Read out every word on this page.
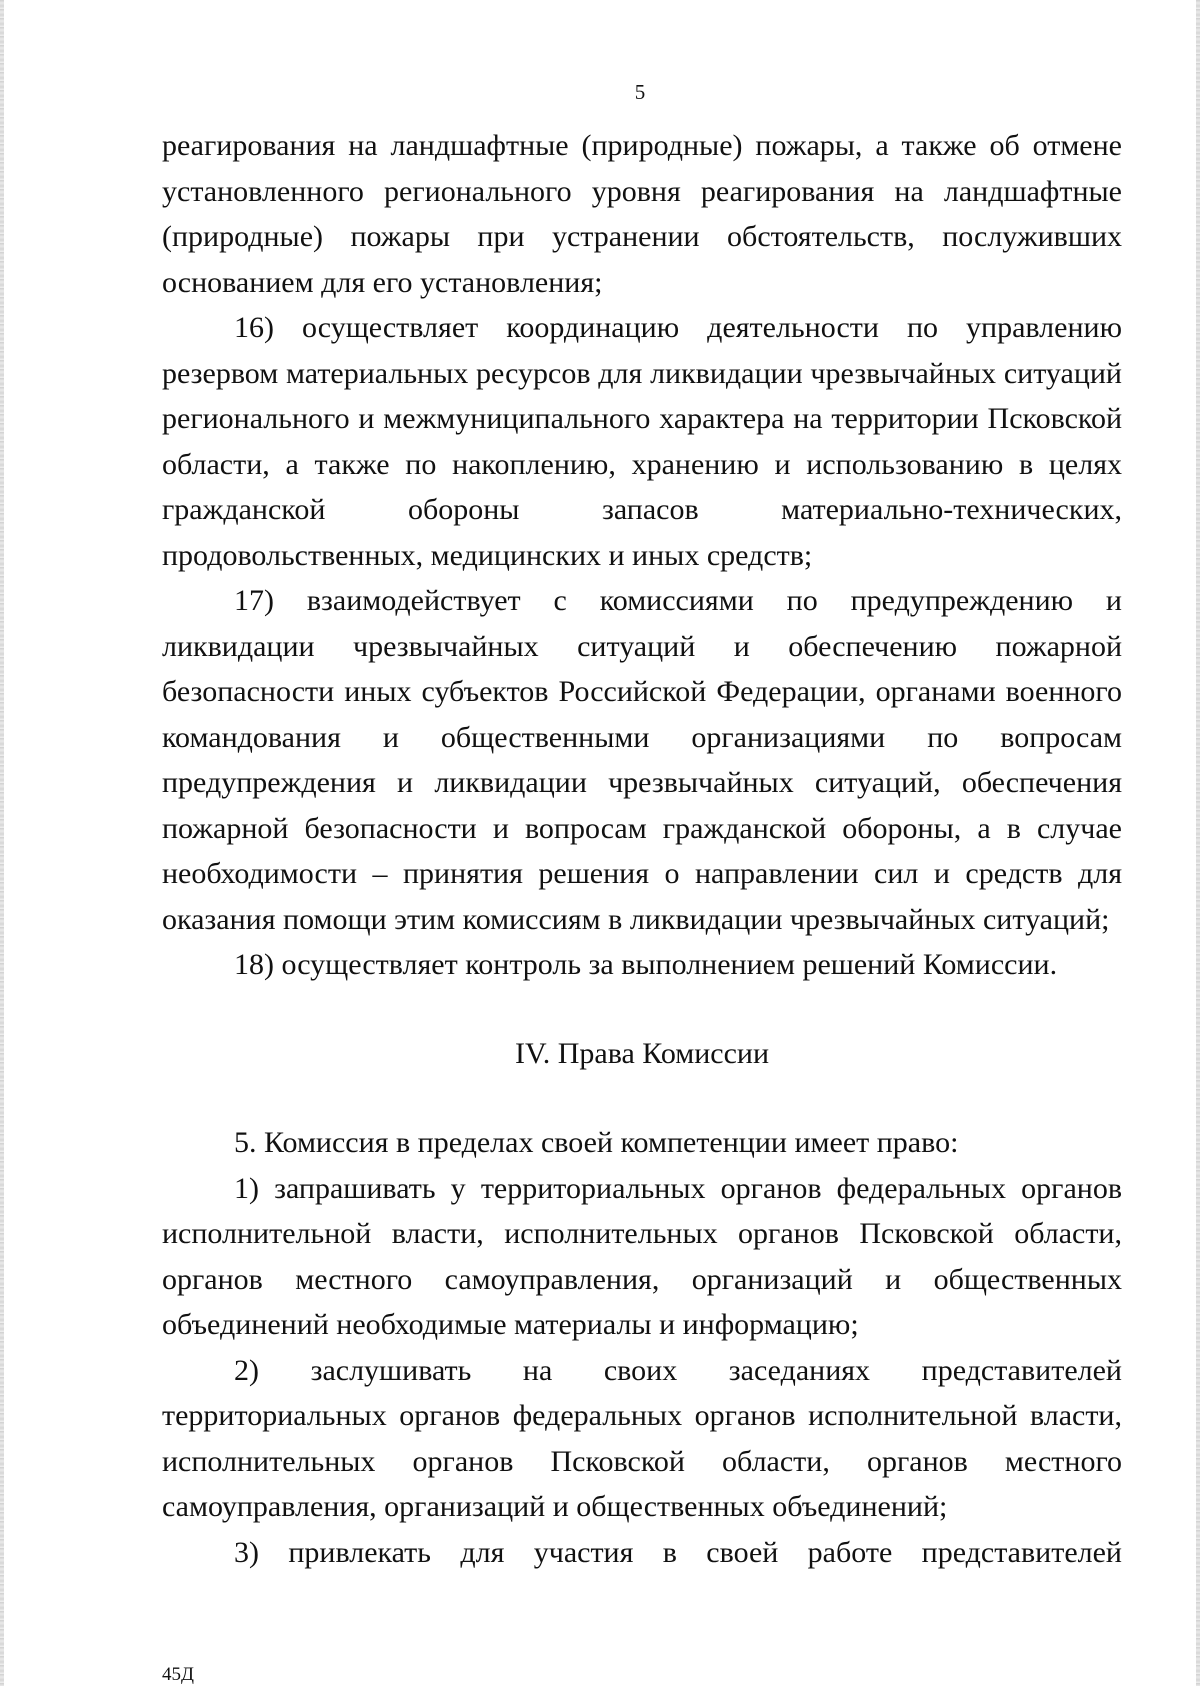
5

реагирования на ландшафтные (природные) пожары, а также об отмене установленного регионального уровня реагирования на ландшафтные (природные) пожары при устранении обстоятельств, послуживших основанием для его установления;

16) осуществляет координацию деятельности по управлению резервом материальных ресурсов для ликвидации чрезвычайных ситуаций регионального и межмуниципального характера на территории Псковской области, а также по накоплению, хранению и использованию в целях гражданской обороны запасов материально-технических, продовольственных, медицинских и иных средств;

17) взаимодействует с комиссиями по предупреждению и ликвидации чрезвычайных ситуаций и обеспечению пожарной безопасности иных субъектов Российской Федерации, органами военного командования и общественными организациями по вопросам предупреждения и ликвидации чрезвычайных ситуаций, обеспечения пожарной безопасности и вопросам гражданской обороны, а в случае необходимости – принятия решения о направлении сил и средств для оказания помощи этим комиссиям в ликвидации чрезвычайных ситуаций;

18) осуществляет контроль за выполнением решений Комиссии.

IV. Права Комиссии

5. Комиссия в пределах своей компетенции имеет право:

1) запрашивать у территориальных органов федеральных органов исполнительной власти, исполнительных органов Псковской области, органов местного самоуправления, организаций и общественных объединений необходимые материалы и информацию;

2) заслушивать на своих заседаниях представителей территориальных органов федеральных органов исполнительной власти, исполнительных органов Псковской области, органов местного самоуправления, организаций и общественных объединений;

3) привлекать для участия в своей работе представителей

45Д
